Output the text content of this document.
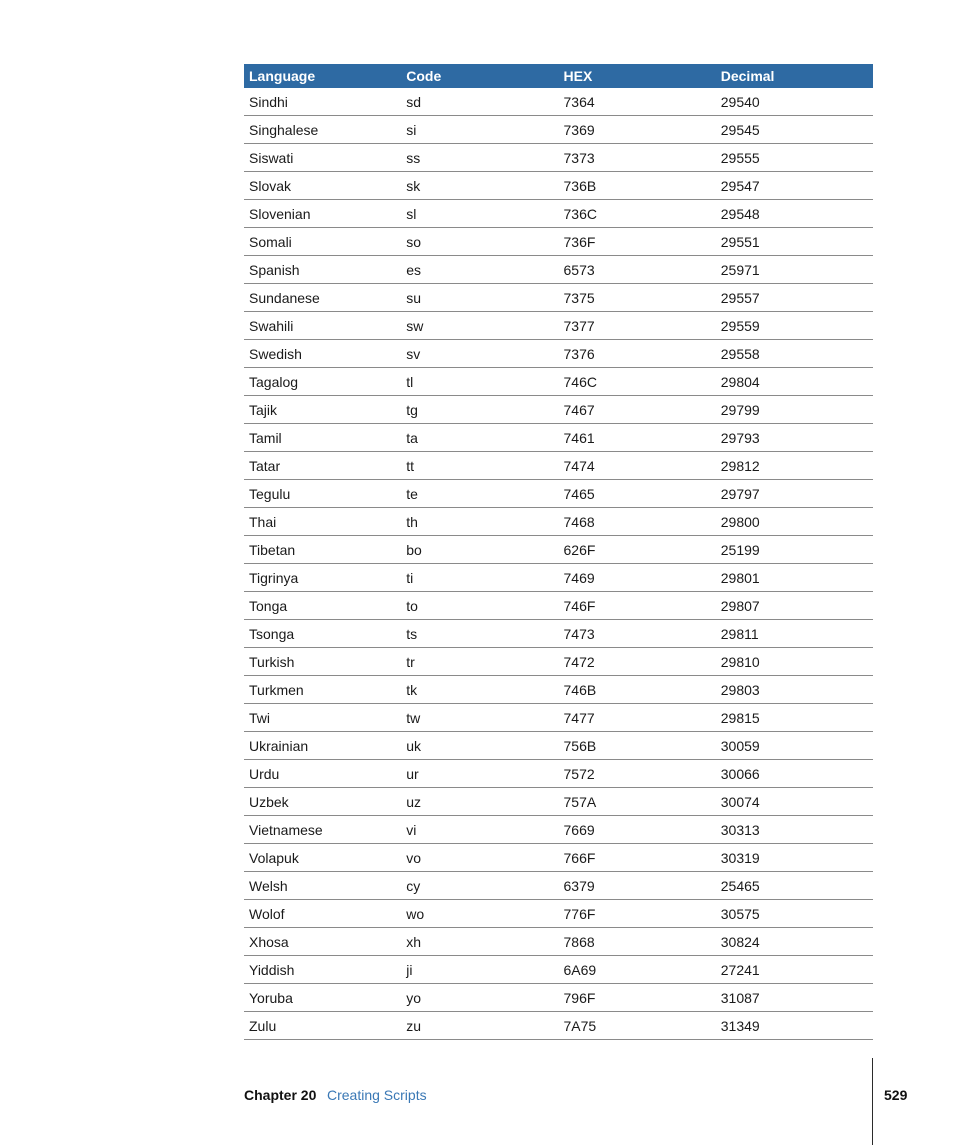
Language	Code	HEX	Decimal
Sindhi	sd	7364	29540
Singhalese	si	7369	29545
Siswati	ss	7373	29555
Slovak	sk	736B	29547
Slovenian	sl	736C	29548
Somali	so	736F	29551
Spanish	es	6573	25971
Sundanese	su	7375	29557
Swahili	sw	7377	29559
Swedish	sv	7376	29558
Tagalog	tl	746C	29804
Tajik	tg	7467	29799
Tamil	ta	7461	29793
Tatar	tt	7474	29812
Tegulu	te	7465	29797
Thai	th	7468	29800
Tibetan	bo	626F	25199
Tigrinya	ti	7469	29801
Tonga	to	746F	29807
Tsonga	ts	7473	29811
Turkish	tr	7472	29810
Turkmen	tk	746B	29803
Twi	tw	7477	29815
Ukrainian	uk	756B	30059
Urdu	ur	7572	30066
Uzbek	uz	757A	30074
Vietnamese	vi	7669	30313
Volapuk	vo	766F	30319
Welsh	cy	6379	25465
Wolof	wo	776F	30575
Xhosa	xh	7868	30824
Yiddish	ji	6A69	27241
Yoruba	yo	796F	31087
Zulu	zu	7A75	31349
Chapter 20 Creating Scripts	529
